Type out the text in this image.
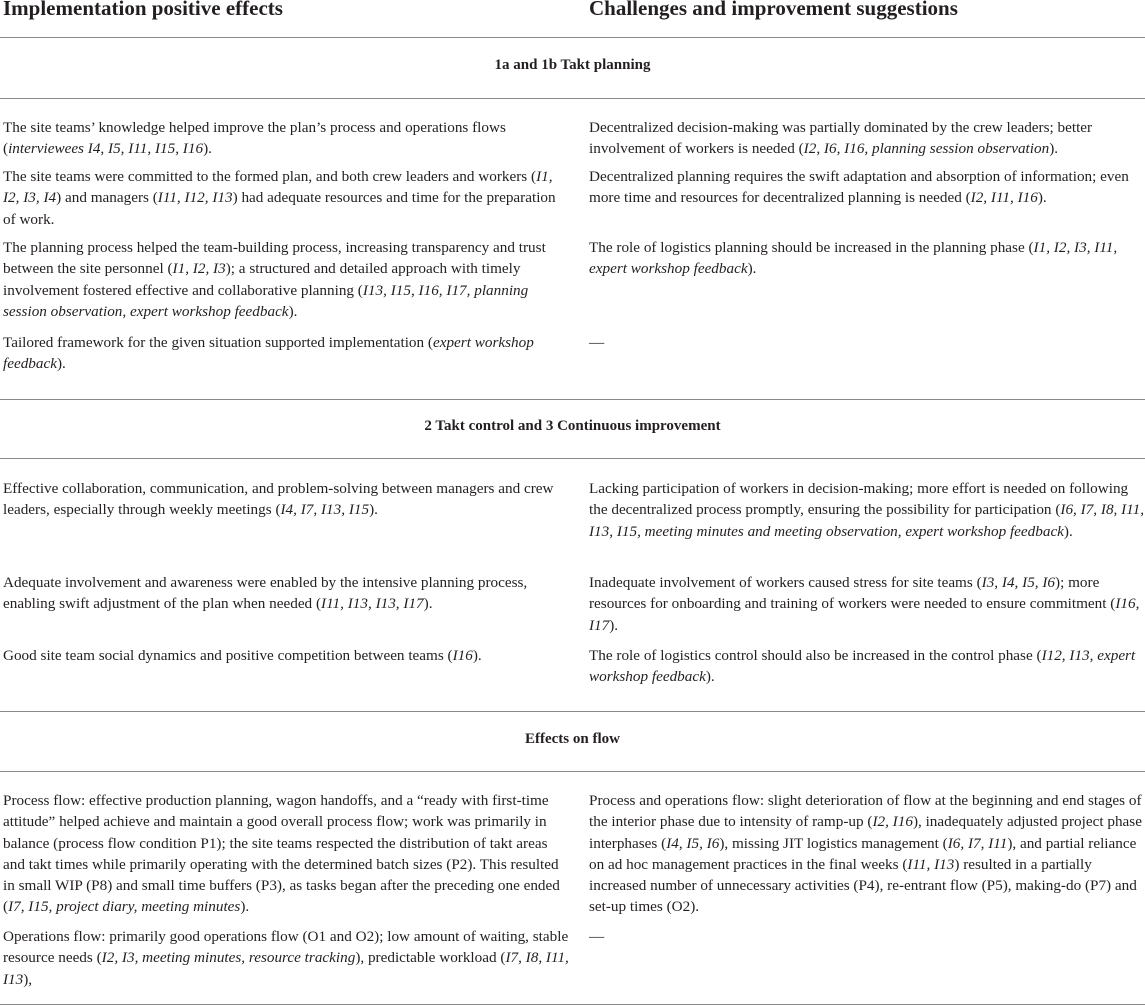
Implementation positive effects	Challenges and improvement suggestions
1a and 1b Takt planning
The site teams’ knowledge helped improve the plan’s process and operations flows (interviewees I4, I5, I11, I15, I16).
Decentralized decision-making was partially dominated by the crew leaders; better involvement of workers is needed (I2, I6, I16, planning session observation).
The site teams were committed to the formed plan, and both crew leaders and workers (I1, I2, I3, I4) and managers (I11, I12, I13) had adequate resources and time for the preparation of work.
Decentralized planning requires the swift adaptation and absorption of information; even more time and resources for decentralized planning is needed (I2, I11, I16).
The planning process helped the team-building process, increasing transparency and trust between the site personnel (I1, I2, I3); a structured and detailed approach with timely involvement fostered effective and collaborative planning (I13, I15, I16, I17, planning session observation, expert workshop feedback).
The role of logistics planning should be increased in the planning phase (I1, I2, I3, I11, expert workshop feedback).
Tailored framework for the given situation supported implementation (expert workshop feedback).
—
2 Takt control and 3 Continuous improvement
Effective collaboration, communication, and problem-solving between managers and crew leaders, especially through weekly meetings (I4, I7, I13, I15).
Lacking participation of workers in decision-making; more effort is needed on following the decentralized process promptly, ensuring the possibility for participation (I6, I7, I8, I11, I13, I15, meeting minutes and meeting observation, expert workshop feedback).
Adequate involvement and awareness were enabled by the intensive planning process, enabling swift adjustment of the plan when needed (I11, I13, I13, I17).
Inadequate involvement of workers caused stress for site teams (I3, I4, I5, I6); more resources for onboarding and training of workers were needed to ensure commitment (I16, I17).
Good site team social dynamics and positive competition between teams (I16).	The role of logistics control should also be increased in the control phase (I12, I13, expert workshop feedback).
Effects on flow
Process flow: effective production planning, wagon handoffs, and a “ready with first-time attitude” helped achieve and maintain a good overall process flow; work was primarily in balance (process flow condition P1); the site teams respected the distribution of takt areas and takt times while primarily operating with the determined batch sizes (P2). This resulted in small WIP (P8) and small time buffers (P3), as tasks began after the preceding one ended (I7, I15, project diary, meeting minutes).
Process and operations flow: slight deterioration of flow at the beginning and end stages of the interior phase due to intensity of ramp-up (I2, I16), inadequately adjusted project phase interphases (I4, I5, I6), missing JIT logistics management (I6, I7, I11), and partial reliance on ad hoc management practices in the final weeks (I11, I13) resulted in a partially increased number of unnecessary activities (P4), re-entrant flow (P5), making-do (P7) and set-up times (O2).
Operations flow: primarily good operations flow (O1 and O2); low amount of waiting, stable resource needs (I2, I3, meeting minutes, resource tracking), predictable workload (I7, I8, I11, I13),
—
